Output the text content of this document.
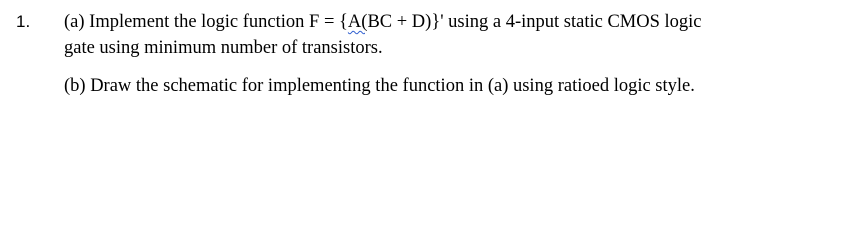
1. (a) Implement the logic function F = {A(BC + D)}' using a 4-input static CMOS logic
gate using minimum number of transistors.
(b) Draw the schematic for implementing the function in (a) using ratioed logic style.
